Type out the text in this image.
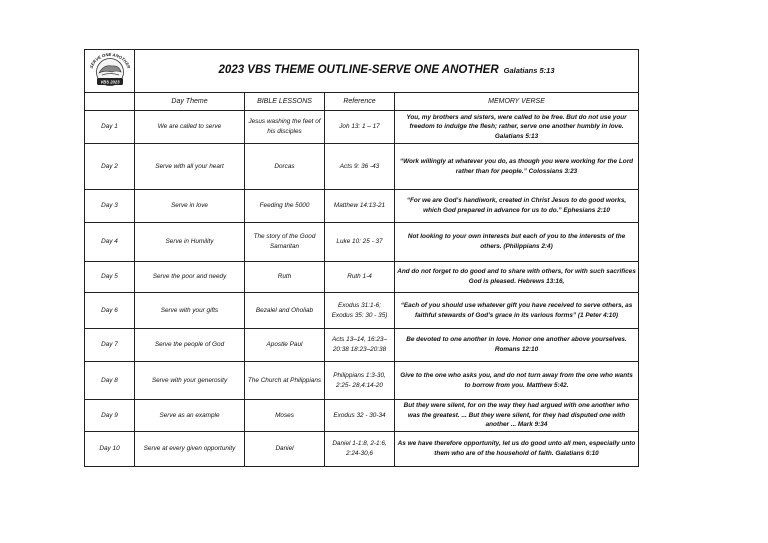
SERVE ONE ANOTHER
VBS 2023	2023 VBS THEME OUTLINE-SERVE ONE ANOTHER Galatians 5:13			
	Day Theme	BIBLE LESSONS	Reference	MEMORY VERSE
Day 1	We are called to serve	Jesus washing the feet of his disciples	Joh 13: 1 – 17	You, my brothers and sisters, were called to be free. But do not use your freedom to indulge the flesh; rather, serve one another humbly in love. Galatians 5:13
Day 2	Serve with all your heart	Dorcas	Acts 9: 36 -43	“Work willingly at whatever you do, as though you were working for the Lord rather than for people.” Colossians 3:23
Day 3	Serve in love	Feeding the 5000	Matthew 14:13-21	“For we are God’s handiwork, created in Christ Jesus to do good works, which God prepared in advance for us to do.” Ephesians 2:10
Day 4	Serve in Humility	The story of the Good Samaritan	Luke 10: 25 - 37	Not looking to your own interests but each of you to the interests of the others. (Philippians 2:4)
Day 5	Serve the poor and needy	Ruth	Ruth 1-4	And do not forget to do good and to share with others, for with such sacrifices God is pleased. Hebrews 13:16,
Day 6	Serve with your gifts	Bezalel and Oholiab	Exodus 31:1-6; Exodus 35: 30 - 35)	“Each of you should use whatever gift you have received to serve others, as faithful stewards of God’s grace in its various forms” (1 Peter 4:10)
Day 7	Serve the people of God	Apostle Paul	Acts 13–14, 16:23–20:38 18:23–20:38	Be devoted to one another in love. Honor one another above yourselves. Romans 12:10
Day 8	Serve with your generosity	The Church at Philippians	Philippians 1:3-30, 2:25- 28,4:14-20	Give to the one who asks you, and do not turn away from the one who wants to borrow from you. Matthew 5:42.
Day 9	Serve as an example	Moses	Exodus 32 - 30-34	But they were silent, for on the way they had argued with one another who was the greatest. ... But they were silent, for they had disputed one with another ... Mark 9:34
Day 10	Serve at every given opportunity	Daniel	Daniel 1-1:8, 2-1:6, 2:24-30,6	As we have therefore opportunity, let us do good unto all men, especially unto them who are of the household of faith. Galatians 6:10
